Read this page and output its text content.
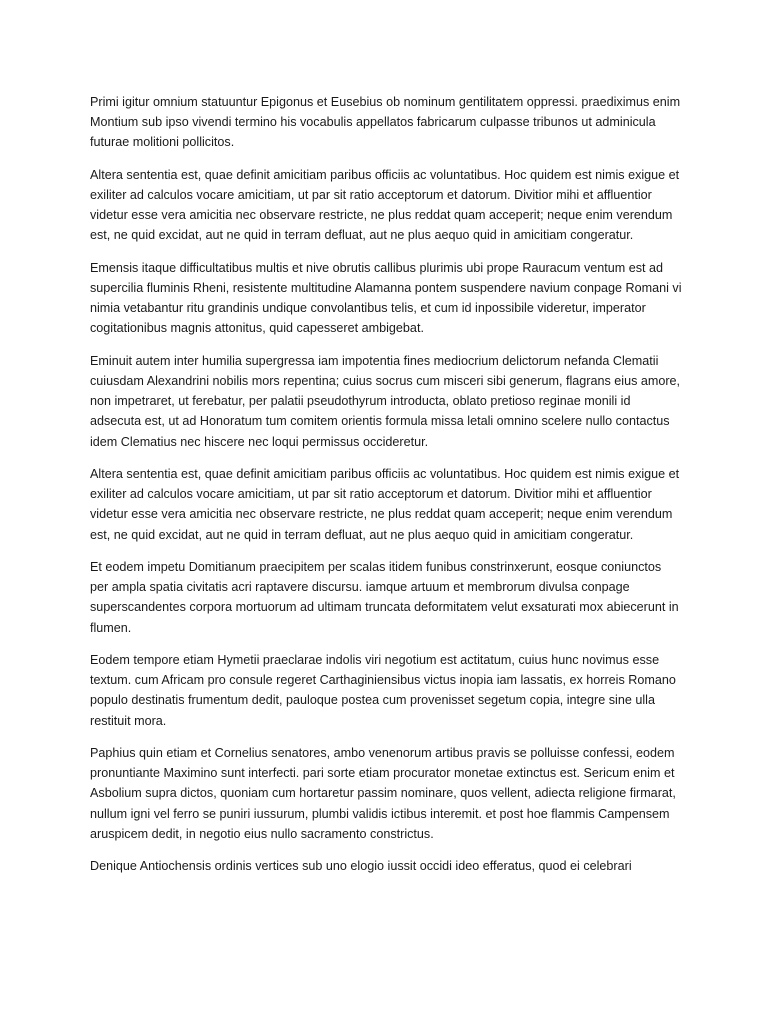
Primi igitur omnium statuuntur Epigonus et Eusebius ob nominum gentilitatem oppressi. praediximus enim Montium sub ipso vivendi termino his vocabulis appellatos fabricarum culpasse tribunos ut adminicula futurae molitioni pollicitos.

Altera sententia est, quae definit amicitiam paribus officiis ac voluntatibus. Hoc quidem est nimis exigue et exiliter ad calculos vocare amicitiam, ut par sit ratio acceptorum et datorum. Divitior mihi et affluentior videtur esse vera amicitia nec observare restricte, ne plus reddat quam acceperit; neque enim verendum est, ne quid excidat, aut ne quid in terram defluat, aut ne plus aequo quid in amicitiam congeratur.

Emensis itaque difficultatibus multis et nive obrutis callibus plurimis ubi prope Rauracum ventum est ad supercilia fluminis Rheni, resistente multitudine Alamanna pontem suspendere navium conpage Romani vi nimia vetabantur ritu grandinis undique convolantibus telis, et cum id inpossibile videretur, imperator cogitationibus magnis attonitus, quid capesseret ambigebat.

Eminuit autem inter humilia supergressa iam impotentia fines mediocrium delictorum nefanda Clematii cuiusdam Alexandrini nobilis mors repentina; cuius socrus cum misceri sibi generum, flagrans eius amore, non impetraret, ut ferebatur, per palatii pseudothyrum introducta, oblato pretioso reginae monili id adsecuta est, ut ad Honoratum tum comitem orientis formula missa letali omnino scelere nullo contactus idem Clematius nec hiscere nec loqui permissus occideretur.

Altera sententia est, quae definit amicitiam paribus officiis ac voluntatibus. Hoc quidem est nimis exigue et exiliter ad calculos vocare amicitiam, ut par sit ratio acceptorum et datorum. Divitior mihi et affluentior videtur esse vera amicitia nec observare restricte, ne plus reddat quam acceperit; neque enim verendum est, ne quid excidat, aut ne quid in terram defluat, aut ne plus aequo quid in amicitiam congeratur.

Et eodem impetu Domitianum praecipitem per scalas itidem funibus constrinxerunt, eosque coniunctos per ampla spatia civitatis acri raptavere discursu. iamque artuum et membrorum divulsa conpage superscandentes corpora mortuorum ad ultimam truncata deformitatem velut exsaturati mox abiecerunt in flumen.

Eodem tempore etiam Hymetii praeclarae indolis viri negotium est actitatum, cuius hunc novimus esse textum. cum Africam pro consule regeret Carthaginiensibus victus inopia iam lassatis, ex horreis Romano populo destinatis frumentum dedit, pauloque postea cum provenisset segetum copia, integre sine ulla restituit mora.

Paphius quin etiam et Cornelius senatores, ambo venenorum artibus pravis se polluisse confessi, eodem pronuntiante Maximino sunt interfecti. pari sorte etiam procurator monetae extinctus est. Sericum enim et Asbolium supra dictos, quoniam cum hortaretur passim nominare, quos vellent, adiecta religione firmarat, nullum igni vel ferro se puniri iussurum, plumbi validis ictibus interemit. et post hoe flammis Campensem aruspicem dedit, in negotio eius nullo sacramento constrictus.

Denique Antiochensis ordinis vertices sub uno elogio iussit occidi ideo efferatus, quod ei celebrari
